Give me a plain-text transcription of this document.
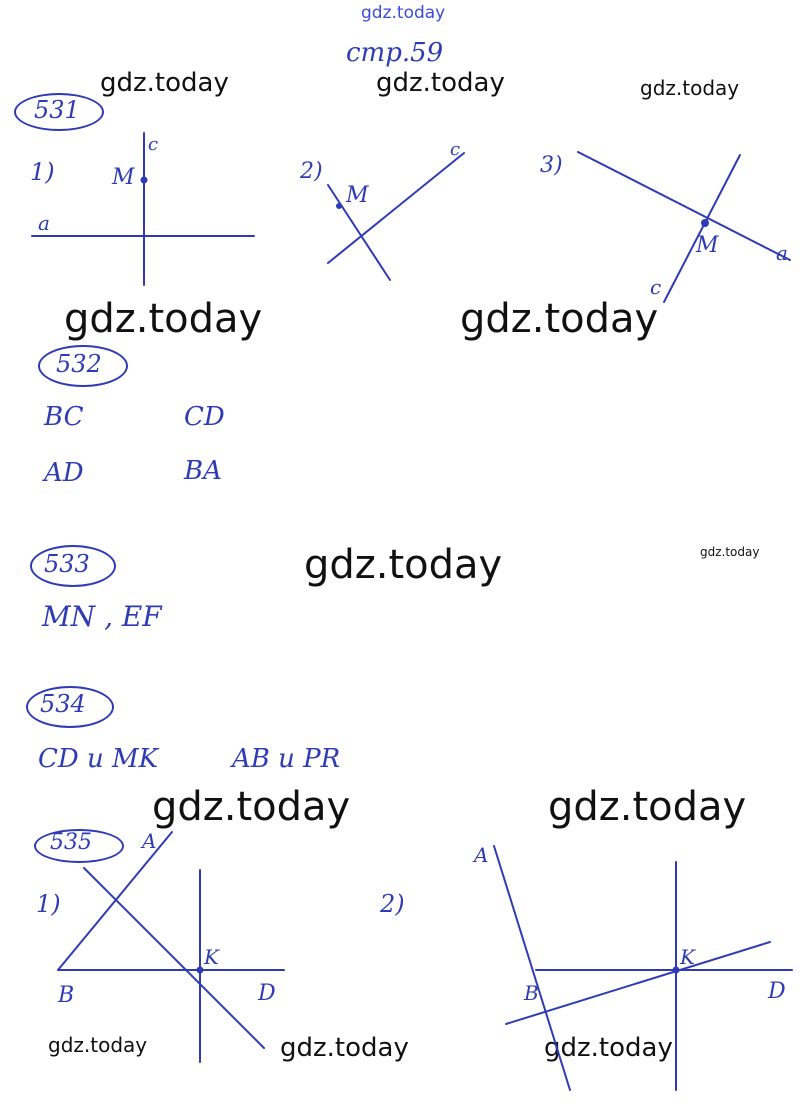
gdz.today
стр.59
gdz.today	gdz.today	gdz.today
gdz.today	gdz.today
gdz.today	gdz.today
gdz.today	gdz.today
gdz.today	gdz.today	gdz.today
531
532
533
534
535
BC	CD
AD	BA
MN , EF
CD и MK	AB и PR
1)	M
c
a
2)
M
c
3)
M	a
c
1)
A
B
K
D
2)
A
B
K
D
